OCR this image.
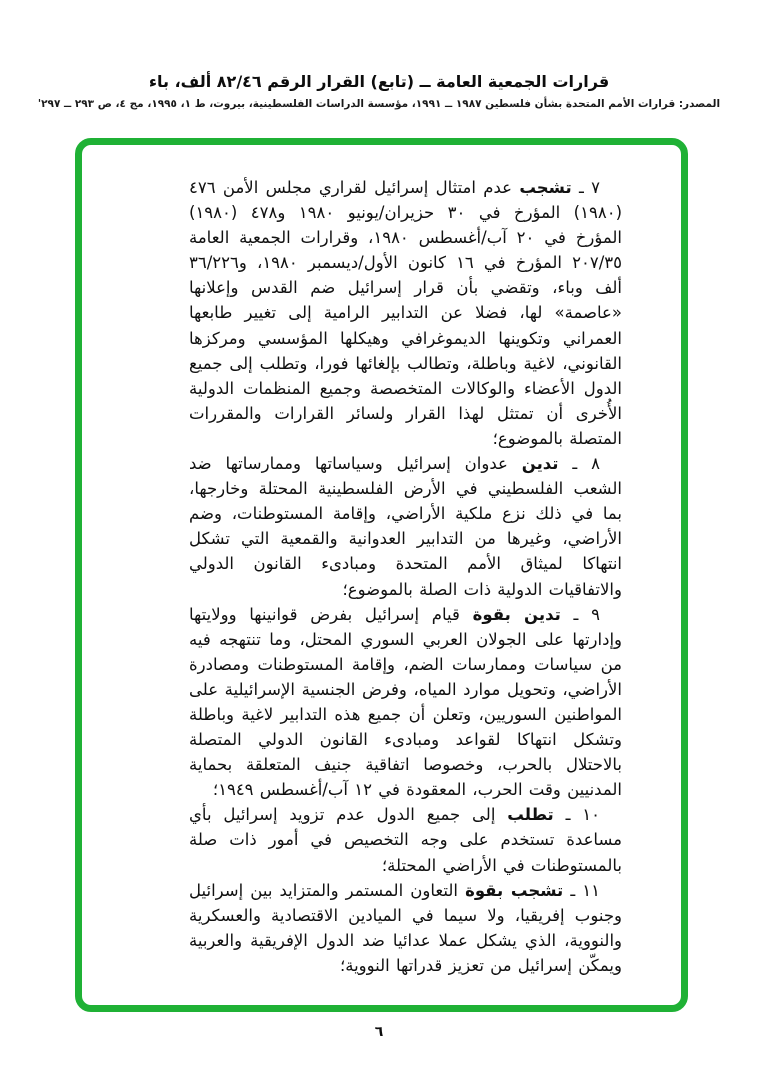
قرارات الجمعية العامة ــ (تابع) القرار الرقم ٨٢/٤٦ ألف، باء
المصدر: قرارات الأمم المتحدة بشأن فلسطين ١٩٨٧ ــ ١٩٩١، مؤسسة الدراسات الفلسطينية، بيروت، ط ١، ١٩٩٥، مج ٤، ص ٢٩٣ ــ ٢٩٧'

٧ ـ تشجب عدم امتثال إسرائيل لقراري مجلس الأمن ٤٧٦ (١٩٨٠) المؤرخ في ٣٠ حزيران/يونيو ١٩٨٠ و٤٧٨ (١٩٨٠) المؤرخ في ٢٠ آب/أغسطس ١٩٨٠، وقرارات الجمعية العامة ٢٠٧/٣٥ المؤرخ في ١٦ كانون الأول/ديسمبر ١٩٨٠، و٣٦/٢٢٦ ألف وباء، وتقضي بأن قرار إسرائيل ضم القدس وإعلانها «عاصمة» لها، فضلا عن التدابير الرامية إلى تغيير طابعها العمراني وتكوينها الديموغرافي وهيكلها المؤسسي ومركزها القانوني، لاغية وباطلة، وتطالب بإلغائها فورا، وتطلب إلى جميع الدول الأعضاء والوكالات المتخصصة وجميع المنظمات الدولية الأُخرى أن تمتثل لهذا القرار ولسائر القرارات والمقررات المتصلة بالموضوع؛

٨ ـ تدين عدوان إسرائيل وسياساتها وممارساتها ضد الشعب الفلسطيني في الأرض الفلسطينية المحتلة وخارجها، بما في ذلك نزع ملكية الأراضي، وإقامة المستوطنات، وضم الأراضي، وغيرها من التدابير العدوانية والقمعية التي تشكل انتهاكا لميثاق الأمم المتحدة ومبادىء القانون الدولي والاتفاقيات الدولية ذات الصلة بالموضوع؛

٩ ـ تدين بقوة قيام إسرائيل بفرض قوانينها وولايتها وإدارتها على الجولان العربي السوري المحتل، وما تنتهجه فيه من سياسات وممارسات الضم، وإقامة المستوطنات ومصادرة الأراضي، وتحويل موارد المياه، وفرض الجنسية الإسرائيلية على المواطنين السوريين، وتعلن أن جميع هذه التدابير لاغية وباطلة وتشكل انتهاكا لقواعد ومبادىء القانون الدولي المتصلة بالاحتلال بالحرب، وخصوصا اتفاقية جنيف المتعلقة بحماية المدنيين وقت الحرب، المعقودة في ١٢ آب/أغسطس ١٩٤٩؛

١٠ ـ تطلب إلى جميع الدول عدم تزويد إسرائيل بأي مساعدة تستخدم على وجه التخصيص في أمور ذات صلة بالمستوطنات في الأراضي المحتلة؛

١١ ـ تشجب بقوة التعاون المستمر والمتزايد بين إسرائيل وجنوب إفريقيا، ولا سيما في الميادين الاقتصادية والعسكرية والنووية، الذي يشكل عملا عدائيا ضد الدول الإفريقية والعربية ويمكّن إسرائيل من تعزيز قدراتها النووية؛

٦
